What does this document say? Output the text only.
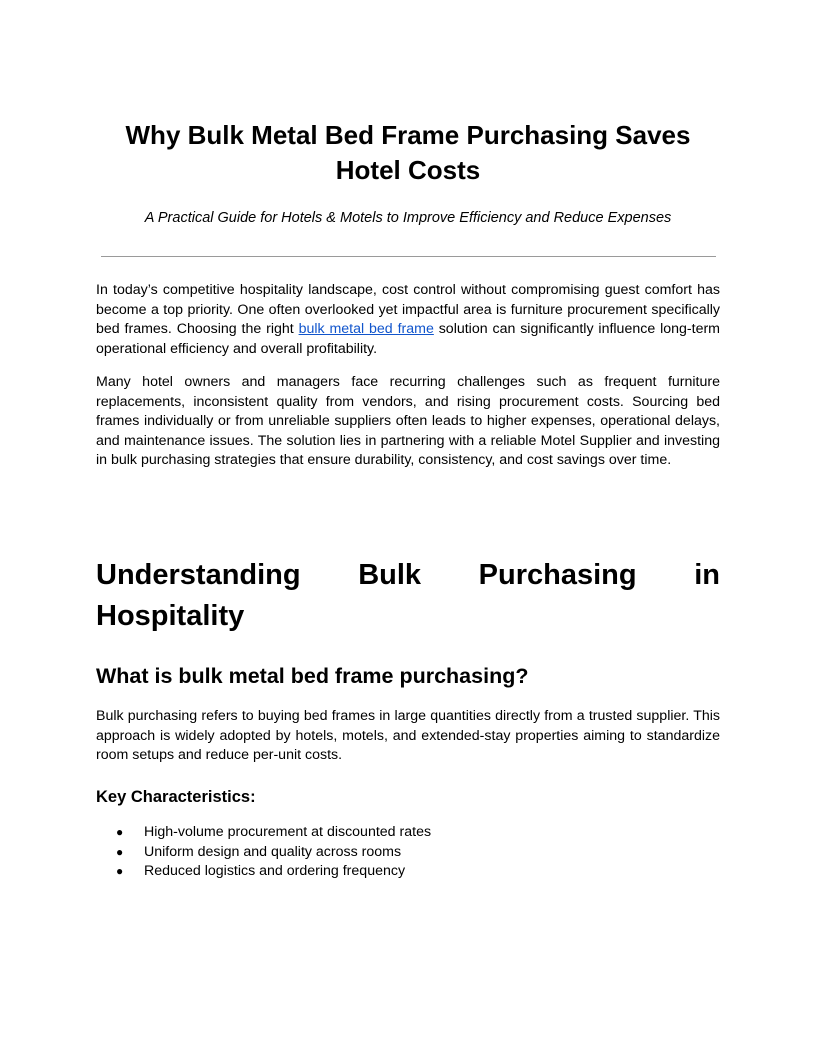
Why Bulk Metal Bed Frame Purchasing Saves Hotel Costs

A Practical Guide for Hotels & Motels to Improve Efficiency and Reduce Expenses

In today’s competitive hospitality landscape, cost control without compromising guest comfort has become a top priority. One often overlooked yet impactful area is furniture procurement specifically bed frames. Choosing the right bulk metal bed frame solution can significantly influence long-term operational efficiency and overall profitability.

Many hotel owners and managers face recurring challenges such as frequent furniture replacements, inconsistent quality from vendors, and rising procurement costs. Sourcing bed frames individually or from unreliable suppliers often leads to higher expenses, operational delays, and maintenance issues. The solution lies in partnering with a reliable Motel Supplier and investing in bulk purchasing strategies that ensure durability, consistency, and cost savings over time.

Understanding Bulk Purchasing in
Hospitality
What is bulk metal bed frame purchasing?

Bulk purchasing refers to buying bed frames in large quantities directly from a trusted supplier. This approach is widely adopted by hotels, motels, and extended-stay properties aiming to standardize room setups and reduce per-unit costs.

Key Characteristics:
● High-volume procurement at discounted rates
● Uniform design and quality across rooms
● Reduced logistics and ordering frequency
